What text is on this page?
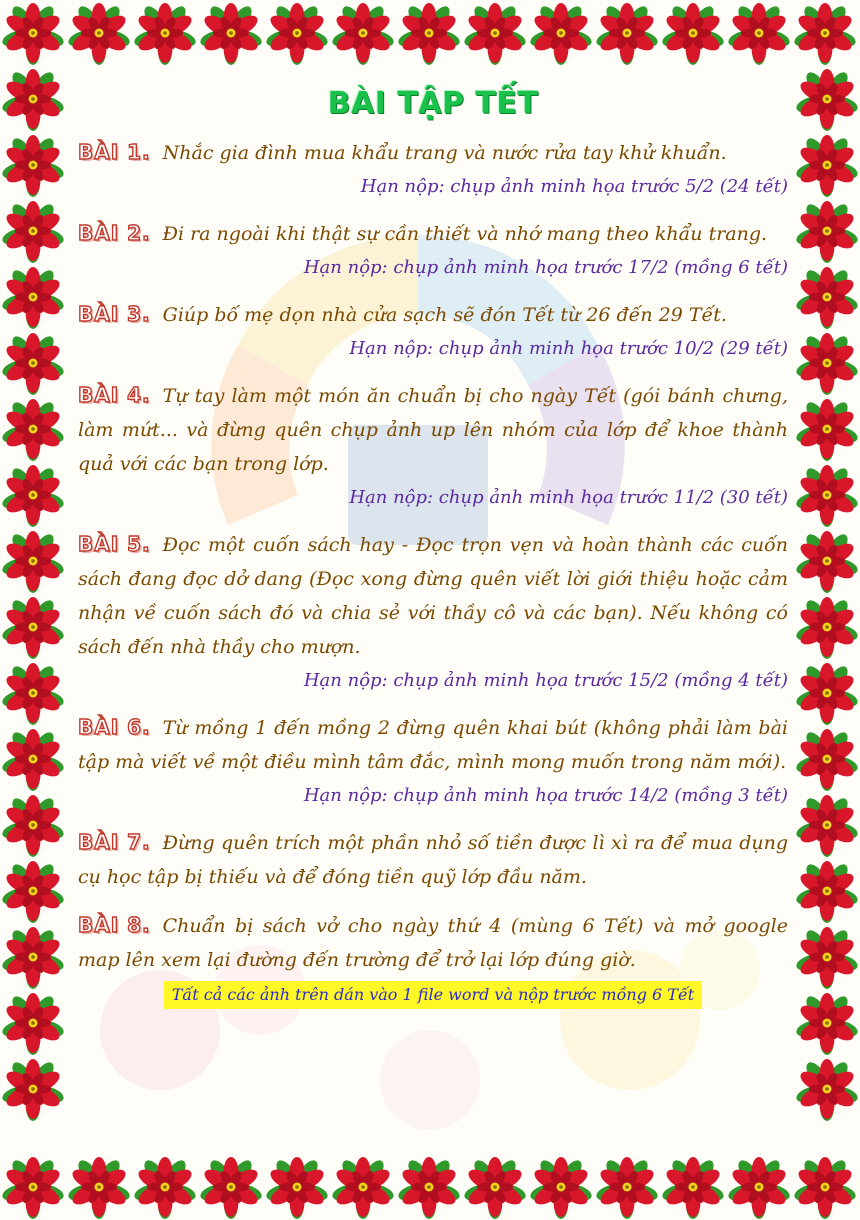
BÀI TẬP TẾT
BÀI 1. Nhắc gia đình mua khẩu trang và nước rửa tay khử khuẩn.
Hạn nộp: chụp ảnh minh họa trước 5/2 (24 tết)
BÀI 2. Đi ra ngoài khi thật sự cần thiết và nhớ mang theo khẩu trang.
Hạn nộp: chụp ảnh minh họa trước 17/2 (mồng 6 tết)
BÀI 3. Giúp bố mẹ dọn nhà cửa sạch sẽ đón Tết từ 26 đến 29 Tết.
Hạn nộp: chụp ảnh minh họa trước 10/2 (29 tết)
BÀI 4. Tự tay làm một món ăn chuẩn bị cho ngày Tết (gói bánh chưng, làm mứt... và đừng quên chụp ảnh up lên nhóm của lớp để khoe thành quả với các bạn trong lớp.
Hạn nộp: chụp ảnh minh họa trước 11/2 (30 tết)
BÀI 5. Đọc một cuốn sách hay - Đọc trọn vẹn và hoàn thành các cuốn sách đang đọc dở dang (Đọc xong đừng quên viết lời giới thiệu hoặc cảm nhận về cuốn sách đó và chia sẻ với thầy cô và các bạn). Nếu không có sách đến nhà thầy cho mượn.
Hạn nộp: chụp ảnh minh họa trước 15/2 (mồng 4 tết)
BÀI 6. Từ mồng 1 đến mồng 2 đừng quên khai bút (không phải làm bài tập mà viết về một điều mình tâm đắc, mình mong muốn trong năm mới).
Hạn nộp: chụp ảnh minh họa trước 14/2 (mồng 3 tết)
BÀI 7. Đừng quên trích một phần nhỏ số tiền được lì xì ra để mua dụng cụ học tập bị thiếu và để đóng tiền quỹ lớp đầu năm.
BÀI 8. Chuẩn bị sách vở cho ngày thứ 4 (mùng 6 Tết) và mở google map lên xem lại đường đến trường để trở lại lớp đúng giờ.
Tất cả các ảnh trên dán vào 1 file word và nộp trước mồng 6 Tết
